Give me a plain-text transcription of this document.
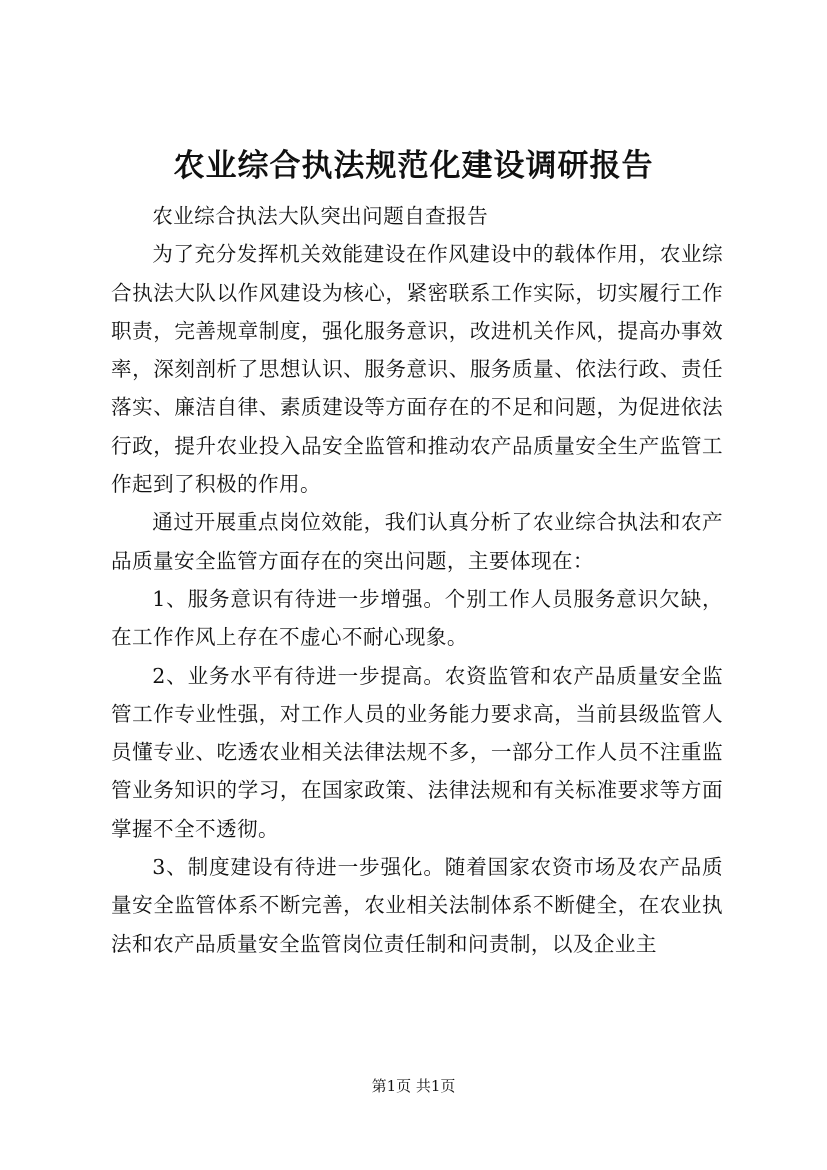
农业综合执法规范化建设调研报告

农业综合执法大队突出问题自查报告

为了充分发挥机关效能建设在作风建设中的载体作用，农业综合执法大队以作风建设为核心，紧密联系工作实际，切实履行工作职责，完善规章制度，强化服务意识，改进机关作风，提高办事效率，深刻剖析了思想认识、服务意识、服务质量、依法行政、责任落实、廉洁自律、素质建设等方面存在的不足和问题，为促进依法行政，提升农业投入品安全监管和推动农产品质量安全生产监管工作起到了积极的作用。

通过开展重点岗位效能，我们认真分析了农业综合执法和农产品质量安全监管方面存在的突出问题，主要体现在：

1、服务意识有待进一步增强。个别工作人员服务意识欠缺，在工作作风上存在不虚心不耐心现象。

2、业务水平有待进一步提高。农资监管和农产品质量安全监管工作专业性强，对工作人员的业务能力要求高，当前县级监管人员懂专业、吃透农业相关法律法规不多，一部分工作人员不注重监管业务知识的学习，在国家政策、法律法规和有关标准要求等方面掌握不全不透彻。

3、制度建设有待进一步强化。随着国家农资市场及农产品质量安全监管体系不断完善，农业相关法制体系不断健全，在农业执法和农产品质量安全监管岗位责任制和问责制，以及企业主

第1页 共1页
